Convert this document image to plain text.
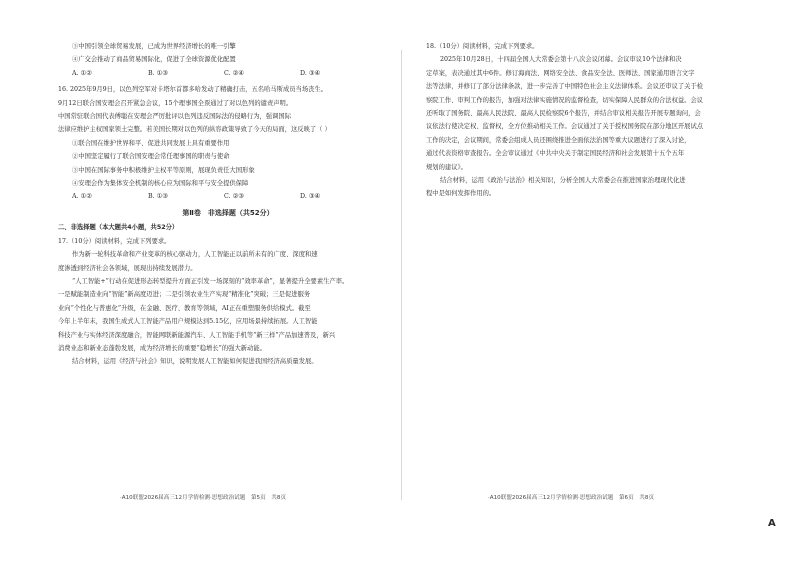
③中国引领全球贸易发展，已成为世界经济增长的唯一引擎
④广交会推动了商品贸易国际化，促进了全球资源优化配置
A. ①②	B. ①③	C. ②④	D. ③④
16. 2025年9月9日，以色列空军对卡塔尔首都多哈发动了精确打击，五名哈马斯成员当场丧生。
9月12日联合国安理会召开紧急会议，15个理事国全票通过了对以色列的谴责声明。
中国常驻联合国代表傅聪在安理会严厉批评以色列违反国际法的侵略行为，强调国际
法律应维护主权国家领土完整。若美国长期对以色列的纵容政策导致了今天的局面，这反映了（ ）
①联合国在维护世界和平、促进共同发展上具有重要作用
②中国坚定履行了联合国安理会常任理事国的职责与使命
③中国在国际事务中积极维护主权平等原则，展现负责任大国形象
④安理会作为集体安全机制的核心应为国际和平与安全提供保障
A. ①②	B. ①③	C. ②③	D. ③④
第Ⅱ卷　非选择题（共52分）
二、非选择题（本大题共4小题，共52分）
17.（10分）阅读材料，完成下列要求。
作为新一轮科技革命和产业变革的核心驱动力，人工智能正以前所未有的广度、深度和速
度渗透到经济社会各领域，展现出持续发展潜力。
“人工智能+”行动在促进形态转型提升方面正引发一场深刻的“效率革命”，显著提升全要素生产率。
一是赋能制造业向“智能”新高度迈进；二是引领农业生产实现“精准化”突破；三是促进服务
业向“个性化与普惠化”升级，在金融、医疗、教育等领域，AI正在重塑服务供给模式。截至
今年上半年末，我国生成式人工智能产品用户规模达到5.15亿，应用场景持续拓展。人工智能
科技产业与实体经济深度融合，智能网联新能源汽车、人工智能手机等“新三样”产品加速普及，新兴
消费业态和新业态蓬勃发展，成为经济增长的重要“稳增长”的强大新动能。
结合材料，运用《经济与社会》知识，说明发展人工智能如何促进我国经济高质量发展。
18.（10分）阅读材料，完成下列要求。
2025年10月28日，十四届全国人大常委会第十八次会议闭幕。会议审议10个法律和决
定草案，表决通过其中6件。修订海商法、网络安全法、食品安全法、医师法、国家通用语言文字
法等法律，并修订了部分法律条款，进一步完善了中国特色社会主义法律体系。会议还审议了关于检
察院工作、审判工作的报告，加强对法律实施情况的监督检查，切实保障人民群众的合法权益。会议
还听取了国务院、最高人民法院、最高人民检察院6个报告，并结合审议相关报告开展专题询问，会
议依法行使决定权、监督权，全方位推动相关工作。会议通过了关于授权国务院在部分地区开展试点
工作的决定，会议期间，常委会组成人员还围绕推进全面依法治国等重大议题进行了深入讨论，
通过代表资格审查报告。全会审议通过《中共中央关于制定国民经济和社会发展第十五个五年
规划的建议》。
结合材料，运用《政治与法治》相关知识，分析全国人大常委会在推进国家治理现代化进
程中是如何发挥作用的。
·A10联盟2026届高三12月学情检测·思想政治试题　第5页　共8页	·A10联盟2026届高三12月学情检测·思想政治试题　第6页　共8页
A
